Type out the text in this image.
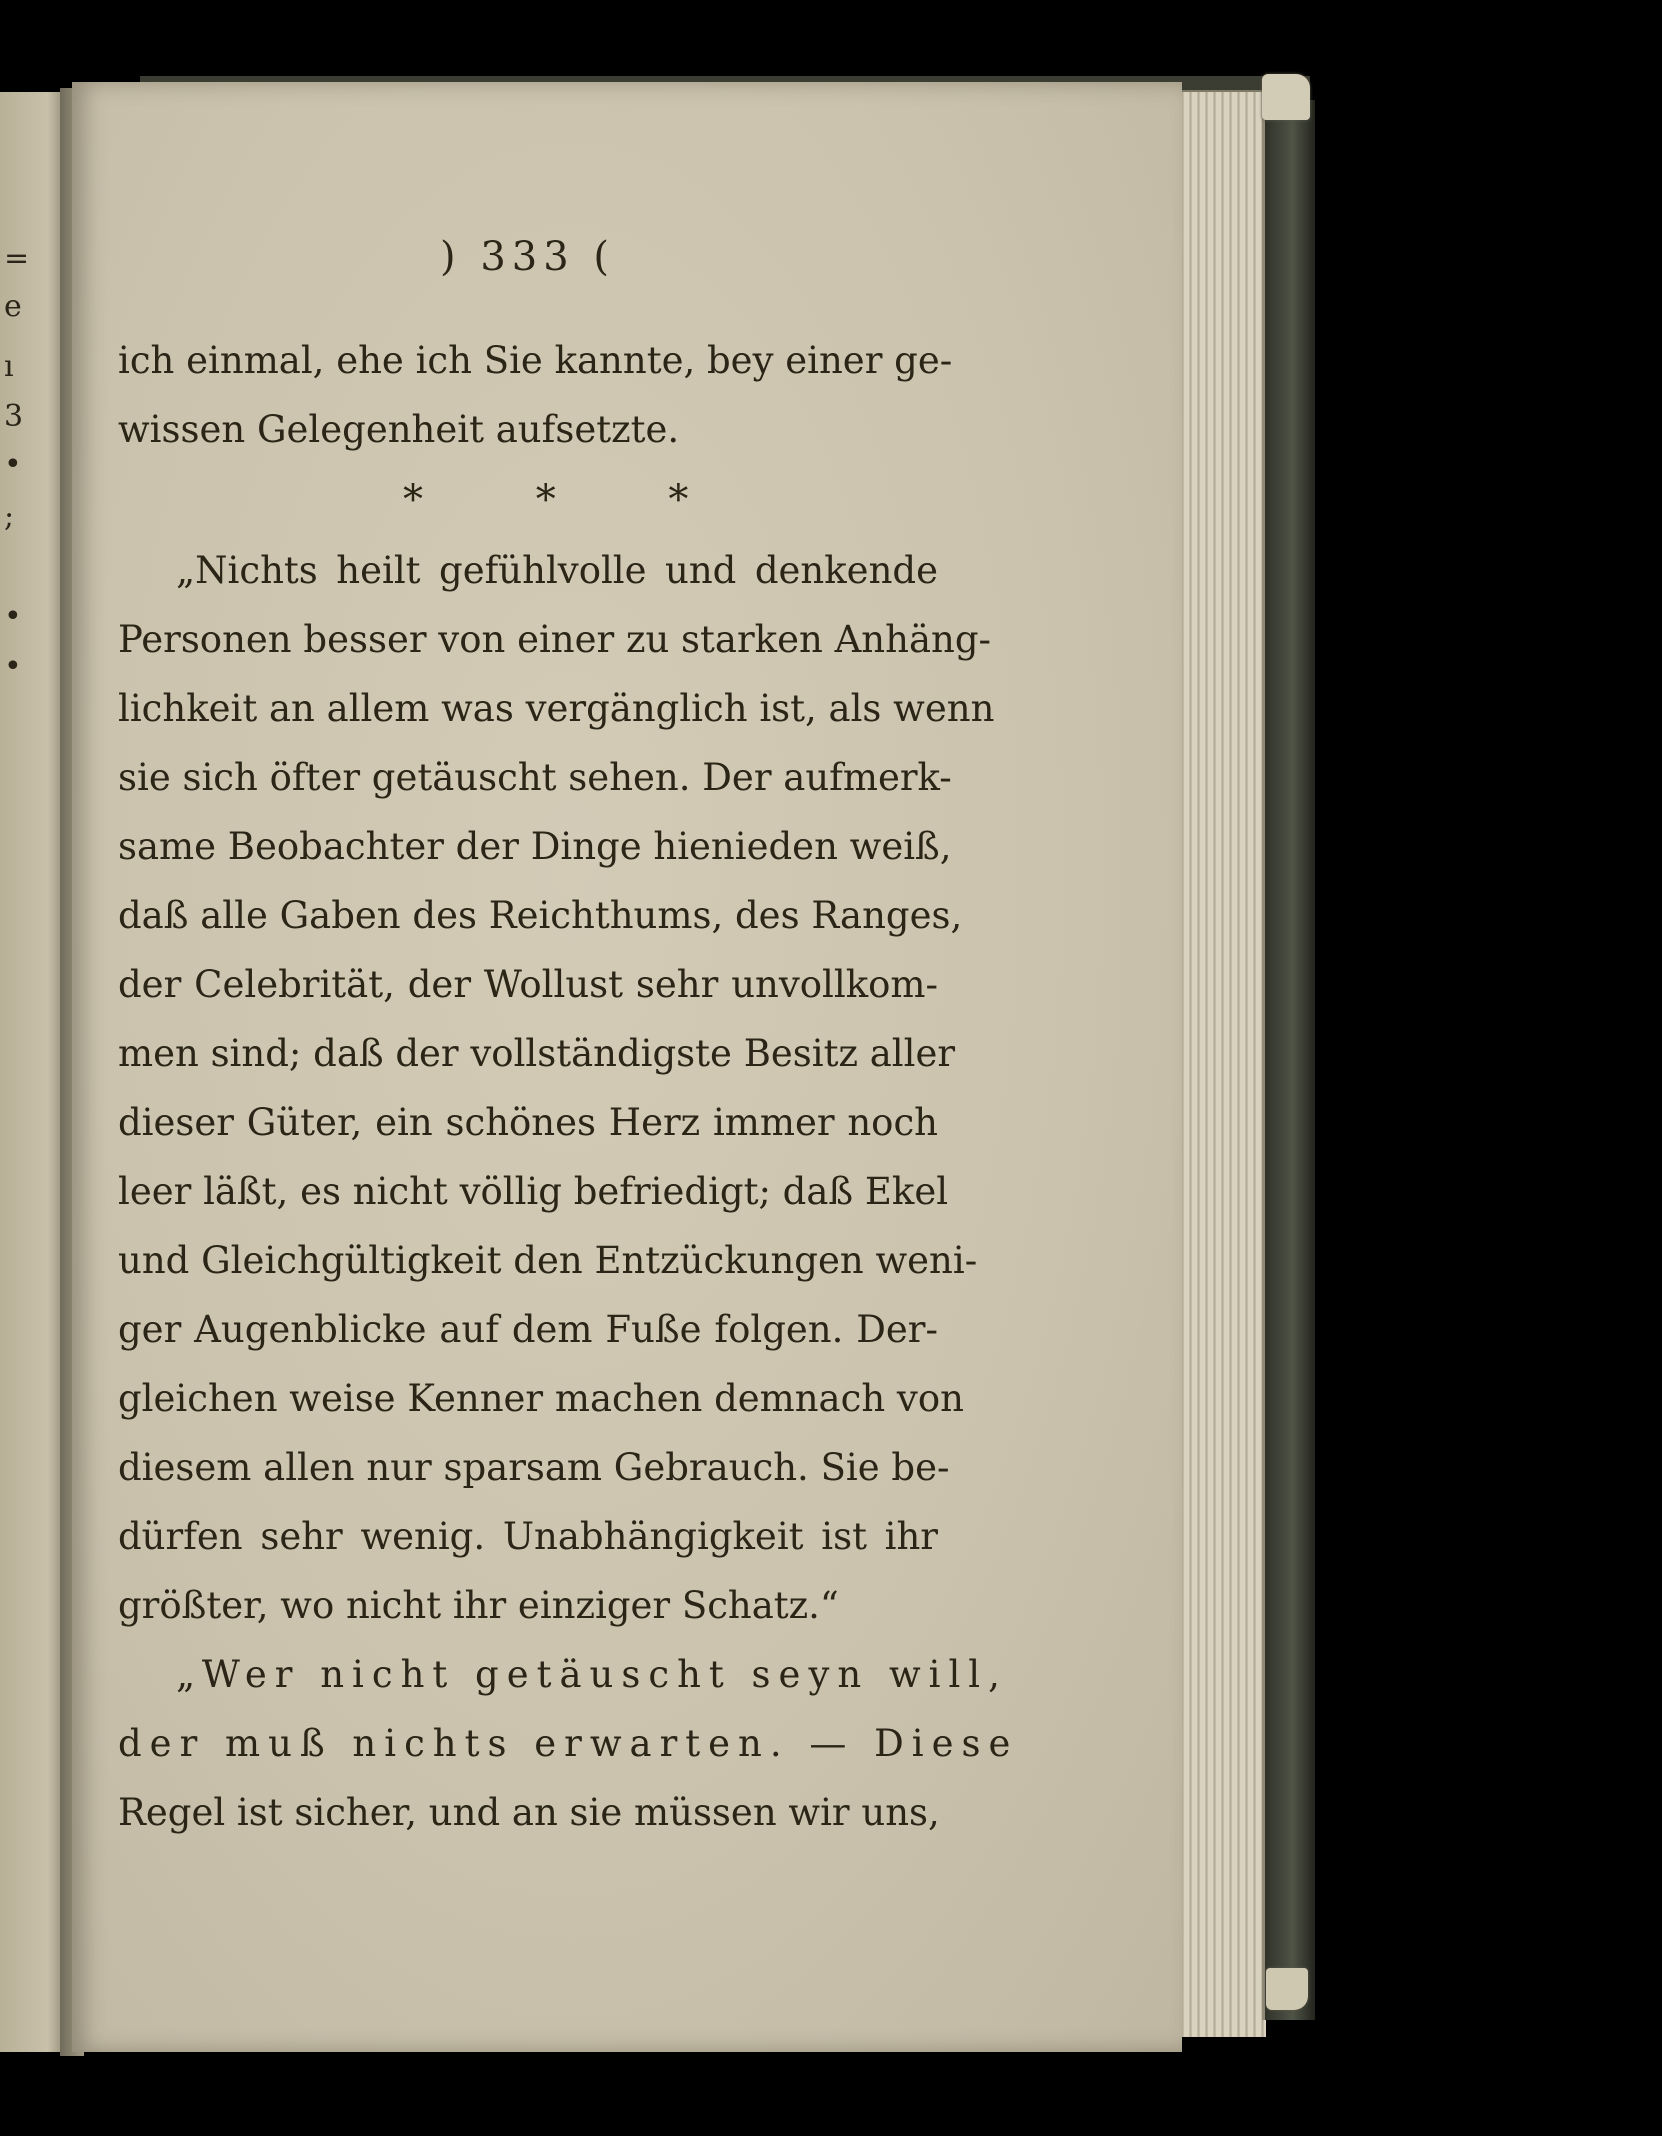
=
e
ı
3
•
;
•
•
) 333 (
ich einmal, ehe ich Sie kannte, bey einer ge-
wissen Gelegenheit aufsetzte.
* * *
„Nichts heilt gefühlvolle und denkende
Personen besser von einer zu starken Anhäng-
lichkeit an allem was vergänglich ist, als wenn
sie sich öfter getäuscht sehen. Der aufmerk-
same Beobachter der Dinge hienieden weiß,
daß alle Gaben des Reichthums, des Ranges,
der Celebrität, der Wollust sehr unvollkom-
men sind; daß der vollständigste Besitz aller
dieser Güter, ein schönes Herz immer noch
leer läßt, es nicht völlig befriedigt; daß Ekel
und Gleichgültigkeit den Entzückungen weni-
ger Augenblicke auf dem Fuße folgen. Der-
gleichen weise Kenner machen demnach von
diesem allen nur sparsam Gebrauch. Sie be-
dürfen sehr wenig. Unabhängigkeit ist ihr
größter, wo nicht ihr einziger Schatz.“
„Wer nicht getäuscht seyn will,
der muß nichts erwarten. — Diese
Regel ist sicher, und an sie müssen wir uns,
